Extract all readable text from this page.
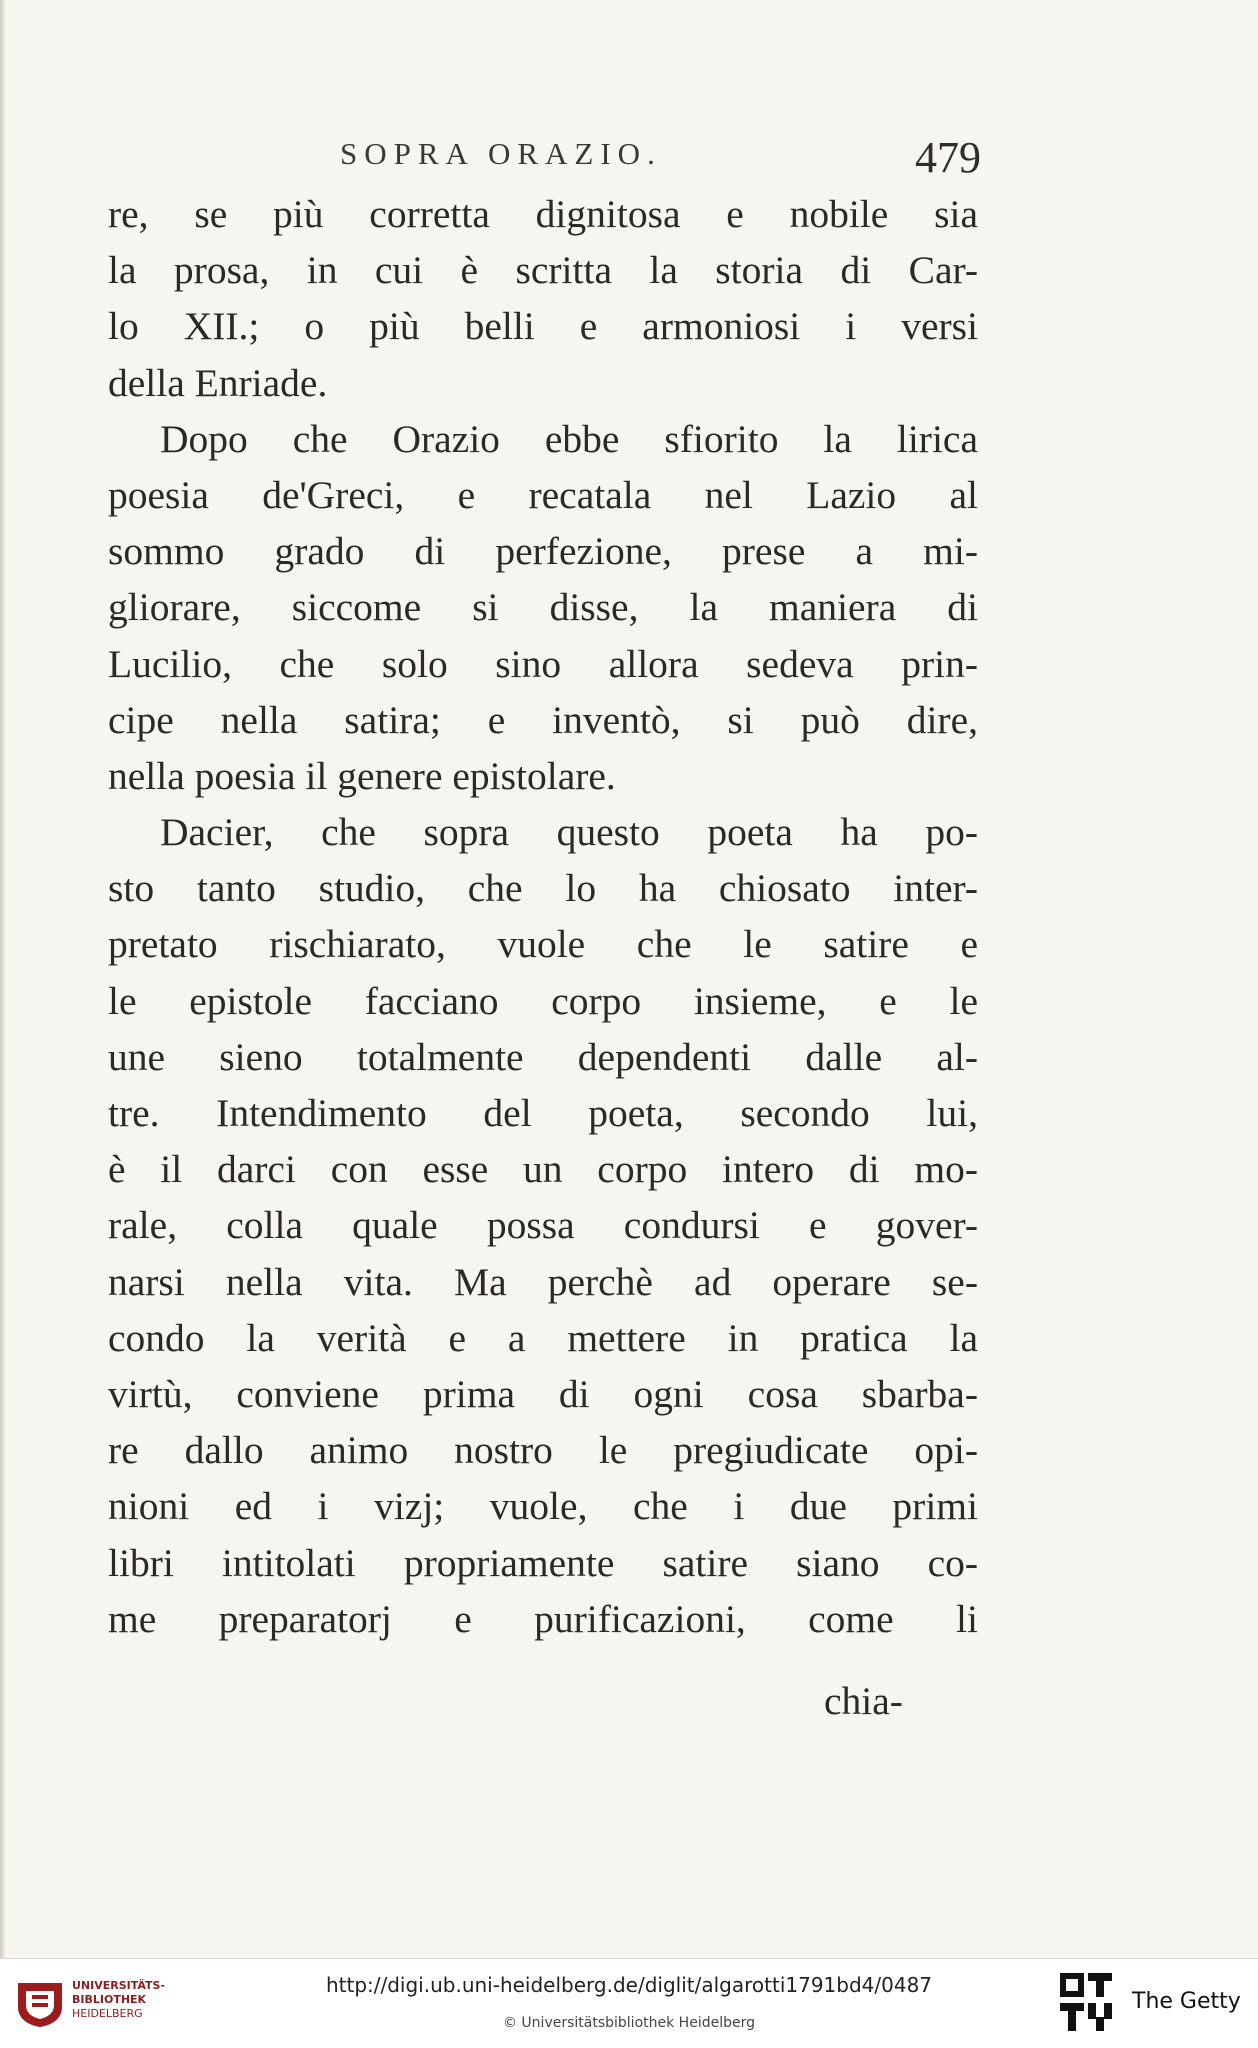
SOPRA ORAZIO.	479
re, se più corretta dignitosa e nobile sia
la prosa, in cui è scritta la storia di Car-
lo XII.; o più belli e armoniosi i versi
della Enriade.
Dopo che Orazio ebbe sfiorito la lirica
poesia de'Greci, e recatala nel Lazio al
sommo grado di perfezione, prese a mi-
gliorare, siccome si disse, la maniera di
Lucilio, che solo sino allora sedeva prin-
cipe nella satira; e inventò, si può dire,
nella poesia il genere epistolare.
Dacier, che sopra questo poeta ha po-
sto tanto studio, che lo ha chiosato inter-
pretato rischiarato, vuole che le satire e
le epistole facciano corpo insieme, e le
une sieno totalmente dependenti dalle al-
tre. Intendimento del poeta, secondo lui,
è il darci con esse un corpo intero di mo-
rale, colla quale possa condursi e gover-
narsi nella vita. Ma perchè ad operare se-
condo la verità e a mettere in pratica la
virtù, conviene prima di ogni cosa sbarba-
re dallo animo nostro le pregiudicate opi-
nioni ed i vizj; vuole, che i due primi
libri intitolati propriamente satire siano co-
me preparatorj e purificazioni, come li
chia-
UNIVERSITÄTS-
BIBLIOTHEK
HEIDELBERG
http://digi.ub.uni-heidelberg.de/diglit/algarotti1791bd4/0487
© Universitätsbibliothek Heidelberg
The Getty
